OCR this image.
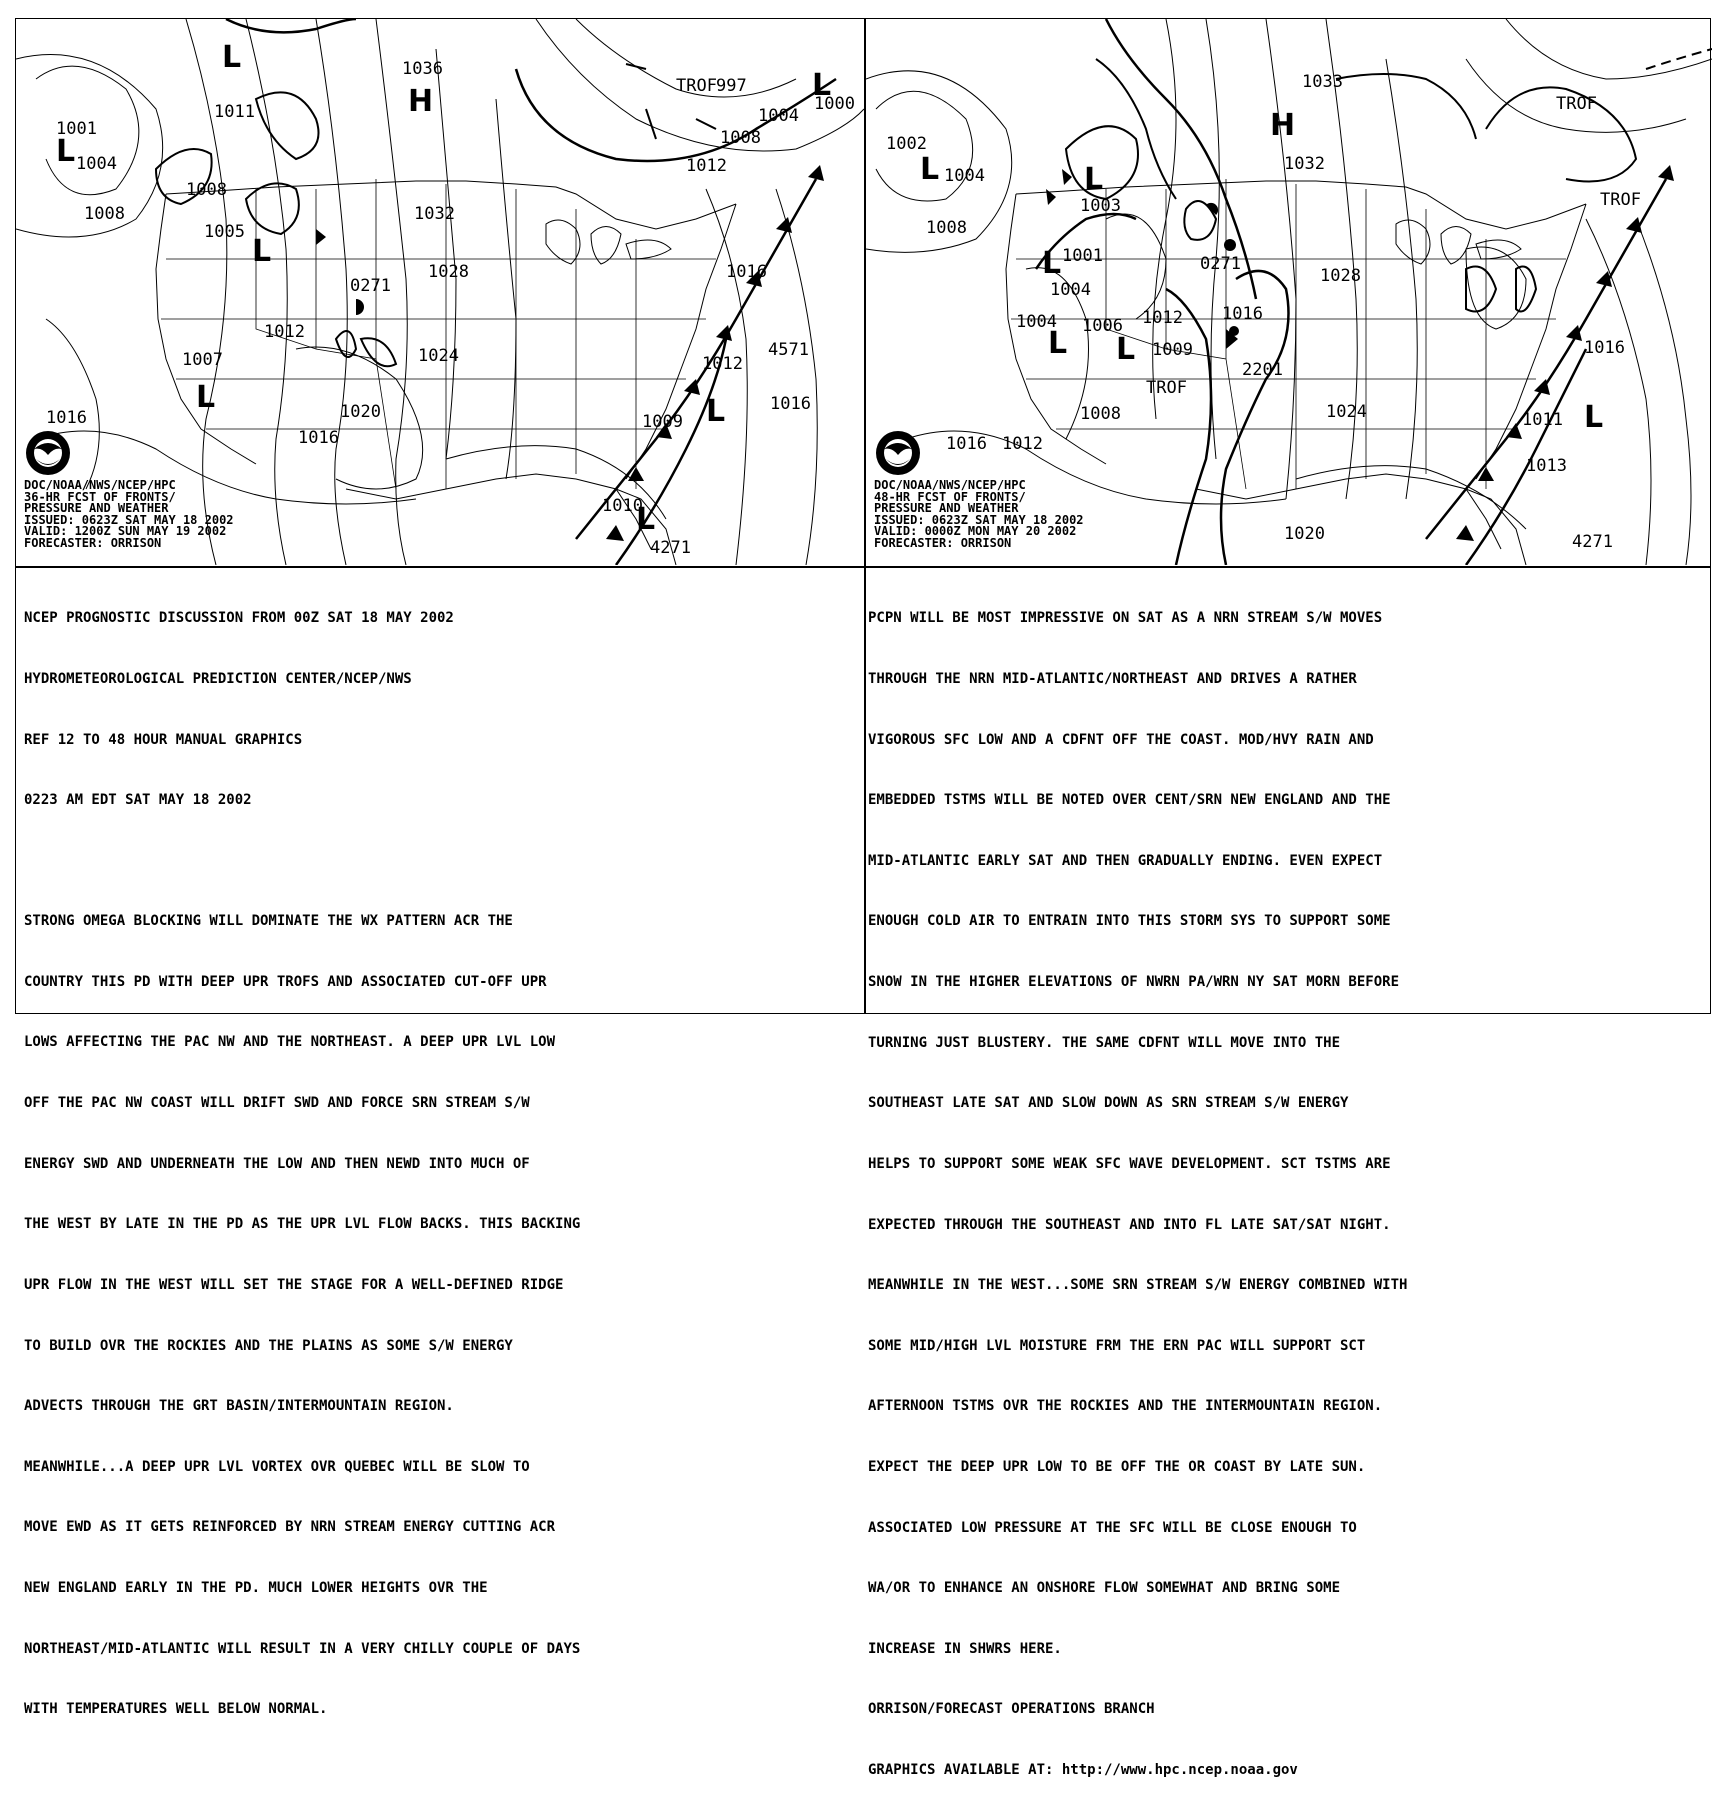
1036
1001
1004
1011
1008
1008
1005
1032
0271
1028
1012
1007	1024
1016	1020
1016
1016
997
1000
1004
1008
1012
1016
1012
4571
1009
1010
4271
H
L
L
L
L
L
L
L
TROF
DOC/NOAA/NWS/NCEP/HPC
36-HR FCST OF FRONTS/
PRESSURE AND WEATHER
ISSUED: 0623Z SAT MAY 18 2002
VALID: 1200Z SUN MAY 19 2002
FORECASTER: ORRISON
1033
1002
1004
1032
1003
1008
1001
1004
0271
1028
1016
1004 1006 1012
1009
2201
1008
1016 1012
1024
1020
1011
1013
4271
1016
H
L	L
L
L L
L
TROF
TROF
TROF
DOC/NOAA/NWS/NCEP/HPC
48-HR FCST OF FRONTS/
PRESSURE AND WEATHER
ISSUED: 0623Z SAT MAY 18 2002
VALID: 0000Z MON MAY 20 2002
FORECASTER: ORRISON

NCEP PROGNOSTIC DISCUSSION FROM 00Z SAT 18 MAY 2002

HYDROMETEOROLOGICAL PREDICTION CENTER/NCEP/NWS

REF 12 TO 48 HOUR MANUAL GRAPHICS

0223 AM EDT SAT MAY 18 2002

STRONG OMEGA BLOCKING WILL DOMINATE THE WX PATTERN ACR THE

COUNTRY THIS PD WITH DEEP UPR TROFS AND ASSOCIATED CUT-OFF UPR

LOWS AFFECTING THE PAC NW AND THE NORTHEAST. A DEEP UPR LVL LOW

OFF THE PAC NW COAST WILL DRIFT SWD AND FORCE SRN STREAM S/W

ENERGY SWD AND UNDERNEATH THE LOW AND THEN NEWD INTO MUCH OF

THE WEST BY LATE IN THE PD AS THE UPR LVL FLOW BACKS. THIS BACKING

UPR FLOW IN THE WEST WILL SET THE STAGE FOR A WELL-DEFINED RIDGE

TO BUILD OVR THE ROCKIES AND THE PLAINS AS SOME S/W ENERGY

ADVECTS THROUGH THE GRT BASIN/INTERMOUNTAIN REGION.

MEANWHILE...A DEEP UPR LVL VORTEX OVR QUEBEC WILL BE SLOW TO

MOVE EWD AS IT GETS REINFORCED BY NRN STREAM ENERGY CUTTING ACR

NEW ENGLAND EARLY IN THE PD. MUCH LOWER HEIGHTS OVR THE

NORTHEAST/MID-ATLANTIC WILL RESULT IN A VERY CHILLY COUPLE OF DAYS

WITH TEMPERATURES WELL BELOW NORMAL.

PCPN WILL BE MOST IMPRESSIVE ON SAT AS A NRN STREAM S/W MOVES

THROUGH THE NRN MID-ATLANTIC/NORTHEAST AND DRIVES A RATHER

VIGOROUS SFC LOW AND A CDFNT OFF THE COAST. MOD/HVY RAIN AND

EMBEDDED TSTMS WILL BE NOTED OVER CENT/SRN NEW ENGLAND AND THE

MID-ATLANTIC EARLY SAT AND THEN GRADUALLY ENDING. EVEN EXPECT

ENOUGH COLD AIR TO ENTRAIN INTO THIS STORM SYS TO SUPPORT SOME

SNOW IN THE HIGHER ELEVATIONS OF NWRN PA/WRN NY SAT MORN BEFORE

TURNING JUST BLUSTERY. THE SAME CDFNT WILL MOVE INTO THE

SOUTHEAST LATE SAT AND SLOW DOWN AS SRN STREAM S/W ENERGY

HELPS TO SUPPORT SOME WEAK SFC WAVE DEVELOPMENT. SCT TSTMS ARE

EXPECTED THROUGH THE SOUTHEAST AND INTO FL LATE SAT/SAT NIGHT.

MEANWHILE IN THE WEST...SOME SRN STREAM S/W ENERGY COMBINED WITH

SOME MID/HIGH LVL MOISTURE FRM THE ERN PAC WILL SUPPORT SCT

AFTERNOON TSTMS OVR THE ROCKIES AND THE INTERMOUNTAIN REGION.

EXPECT THE DEEP UPR LOW TO BE OFF THE OR COAST BY LATE SUN.

ASSOCIATED LOW PRESSURE AT THE SFC WILL BE CLOSE ENOUGH TO

WA/OR TO ENHANCE AN ONSHORE FLOW SOMEWHAT AND BRING SOME

INCREASE IN SHWRS HERE.

ORRISON/FORECAST OPERATIONS BRANCH

GRAPHICS AVAILABLE AT: http://www.hpc.ncep.noaa.gov
